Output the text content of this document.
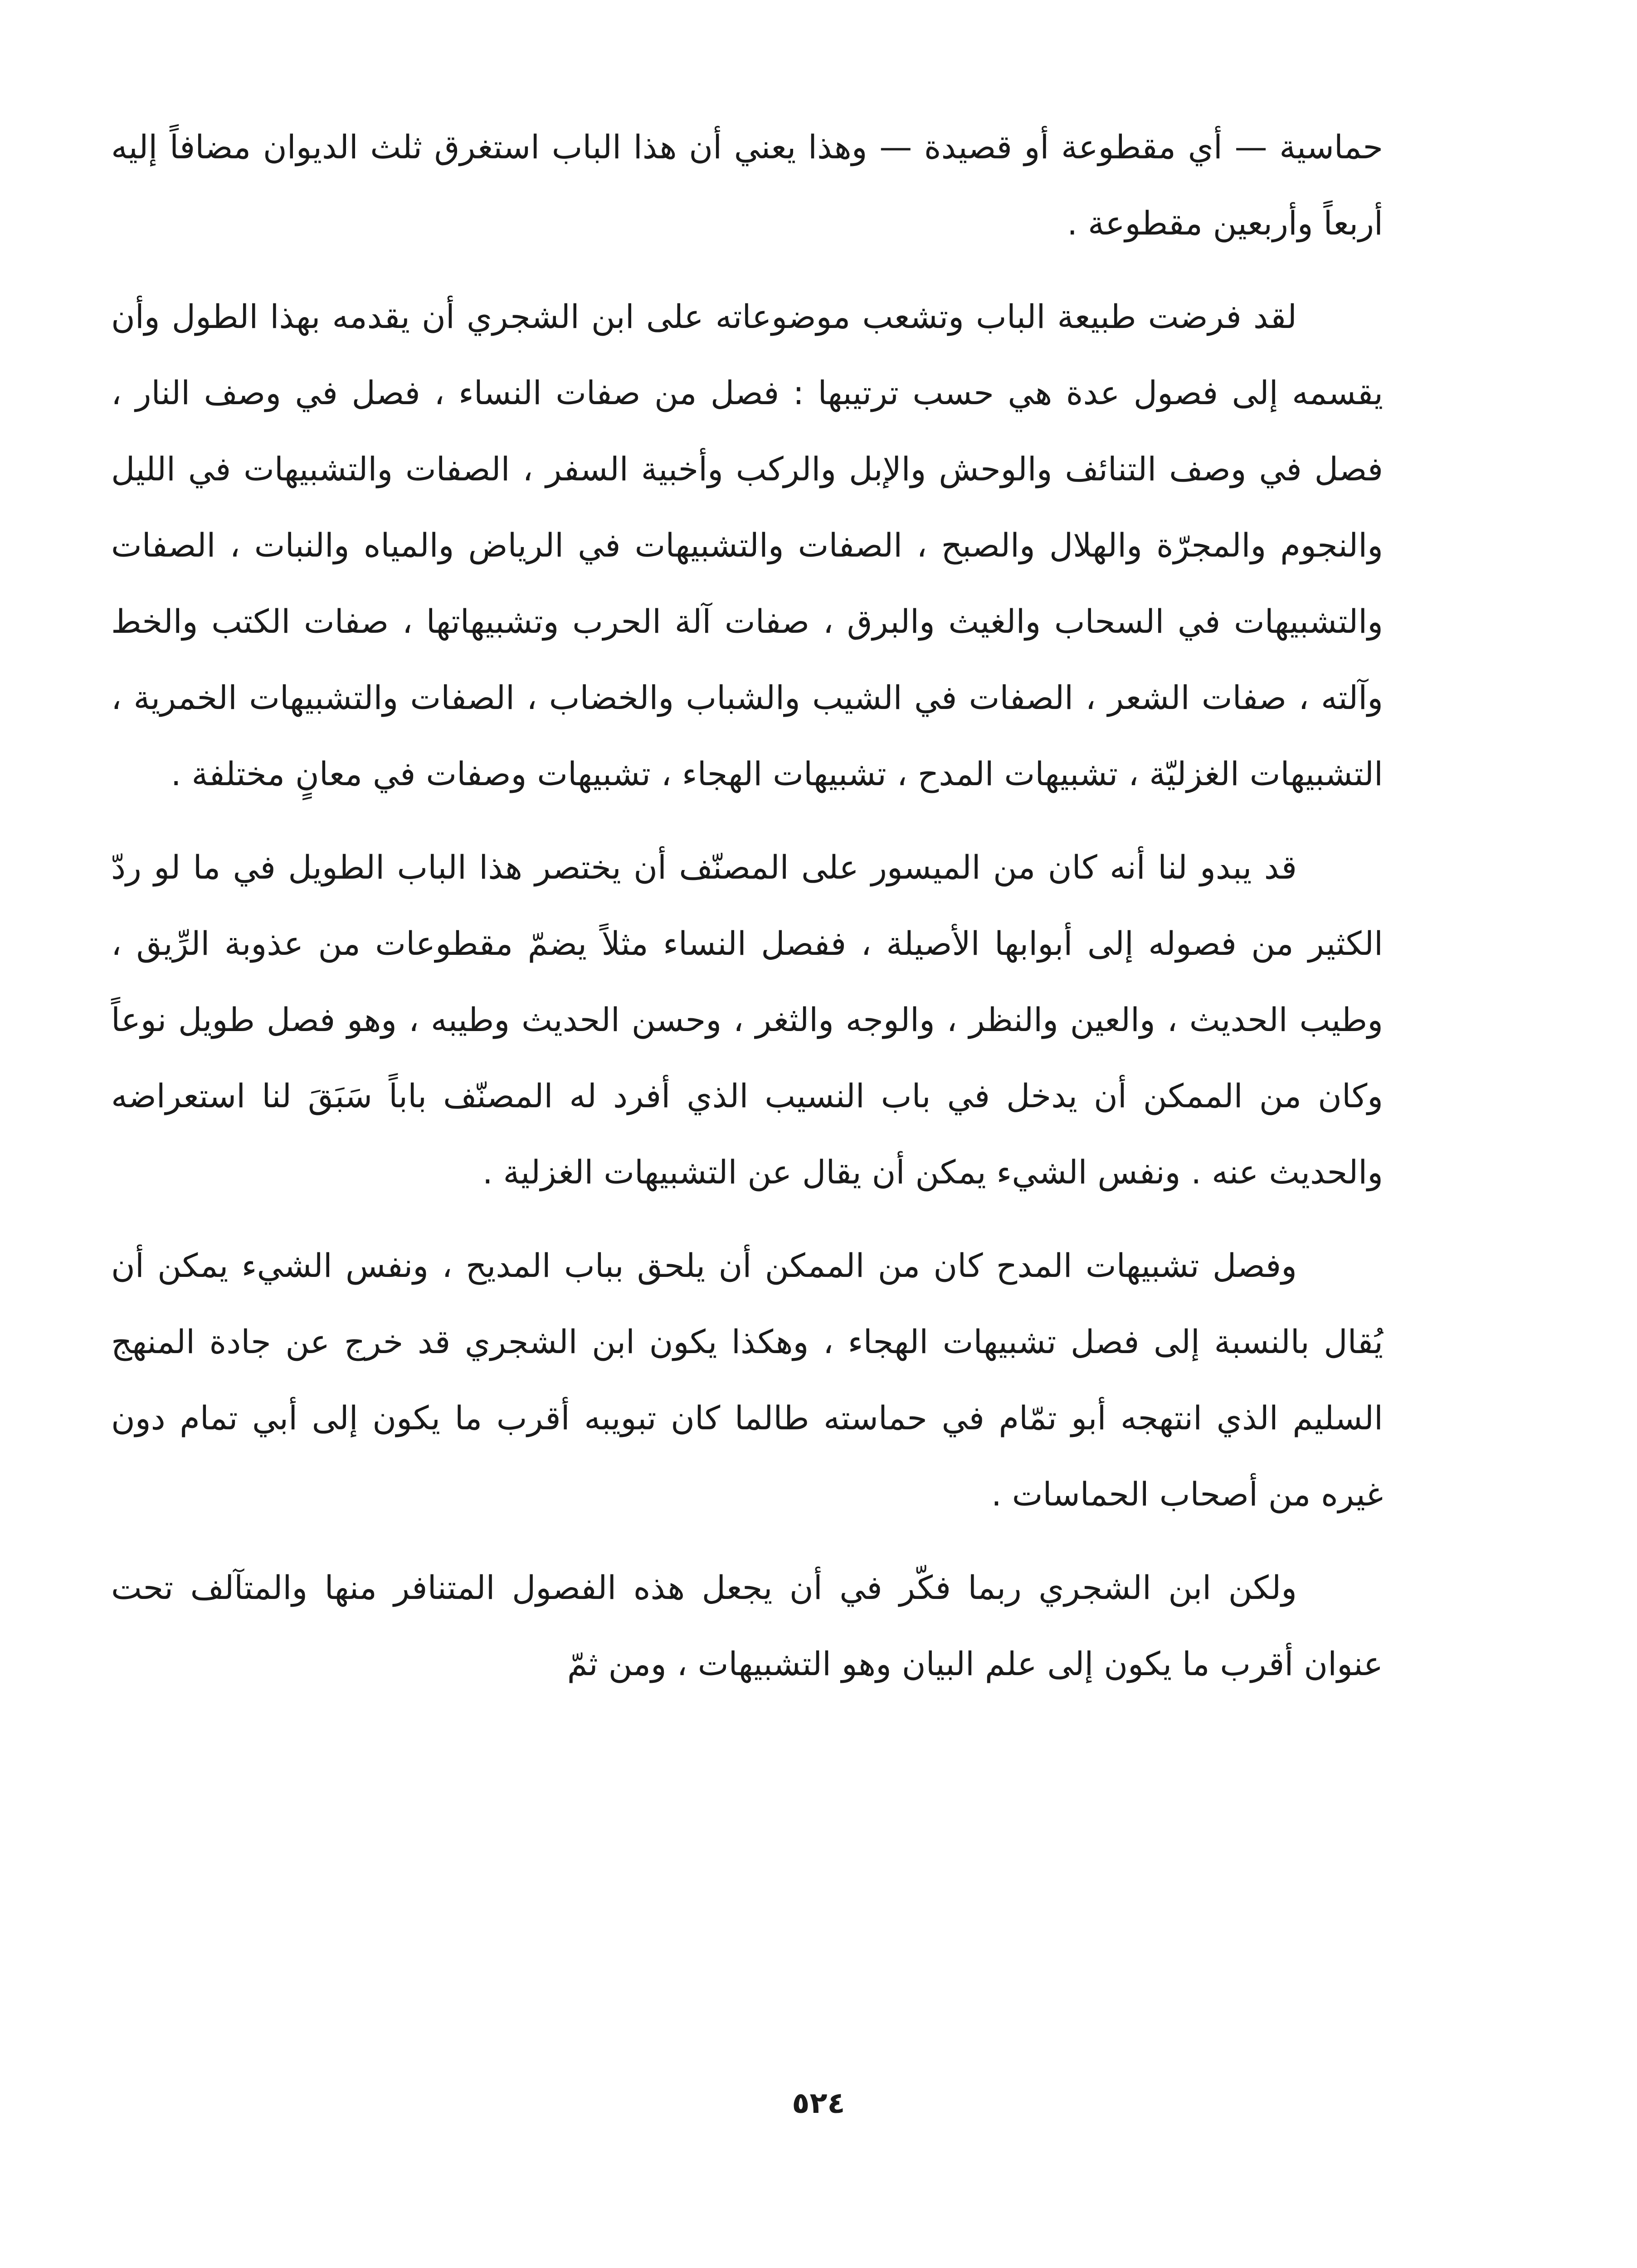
حماسية — أي مقطوعة أو قصيدة — وهذا يعني أن هذا الباب استغرق ثلث الديوان مضافاً إليه أربعاً وأربعين مقطوعة .

لقد فرضت طبيعة الباب وتشعب موضوعاته على ابن الشجري أن يقدمه بهذا الطول وأن يقسمه إلى فصول عدة هي حسب ترتيبها : فصل من صفات النساء ، فصل في وصف النار ، فصل في وصف التنائف والوحش والإبل والركب وأخبية السفر ، الصفات والتشبيهات في الليل والنجوم والمجرّة والهلال والصبح ، الصفات والتشبيهات في الرياض والمياه والنبات ، الصفات والتشبيهات في السحاب والغيث والبرق ، صفات آلة الحرب وتشبيهاتها ، صفات الكتب والخط وآلته ، صفات الشعر ، الصفات في الشيب والشباب والخضاب ، الصفات والتشبيهات الخمرية ، التشبيهات الغزليّة ، تشبيهات المدح ، تشبيهات الهجاء ، تشبيهات وصفات في معانٍ مختلفة .

قد يبدو لنا أنه كان من الميسور على المصنّف أن يختصر هذا الباب الطويل في ما لو ردّ الكثير من فصوله إلى أبوابها الأصيلة ، ففصل النساء مثلاً يضمّ مقطوعات من عذوبة الرِّيق ، وطيب الحديث ، والعين والنظر ، والوجه والثغر ، وحسن الحديث وطيبه ، وهو فصل طويل نوعاً وكان من الممكن أن يدخل في باب النسيب الذي أفرد له المصنّف باباً سَبَقَ لنا استعراضه والحديث عنه . ونفس الشيء يمكن أن يقال عن التشبيهات الغزلية .

وفصل تشبيهات المدح كان من الممكن أن يلحق بباب المديح ، ونفس الشيء يمكن أن يُقال بالنسبة إلى فصل تشبيهات الهجاء ، وهكذا يكون ابن الشجري قد خرج عن جادة المنهج السليم الذي انتهجه أبو تمّام في حماسته طالما كان تبويبه أقرب ما يكون إلى أبي تمام دون غيره من أصحاب الحماسات .

ولكن ابن الشجري ربما فكّر في أن يجعل هذه الفصول المتنافر منها والمتآلف تحت عنوان أقرب ما يكون إلى علم البيان وهو التشبيهات ، ومن ثمّ

٥٢٤
